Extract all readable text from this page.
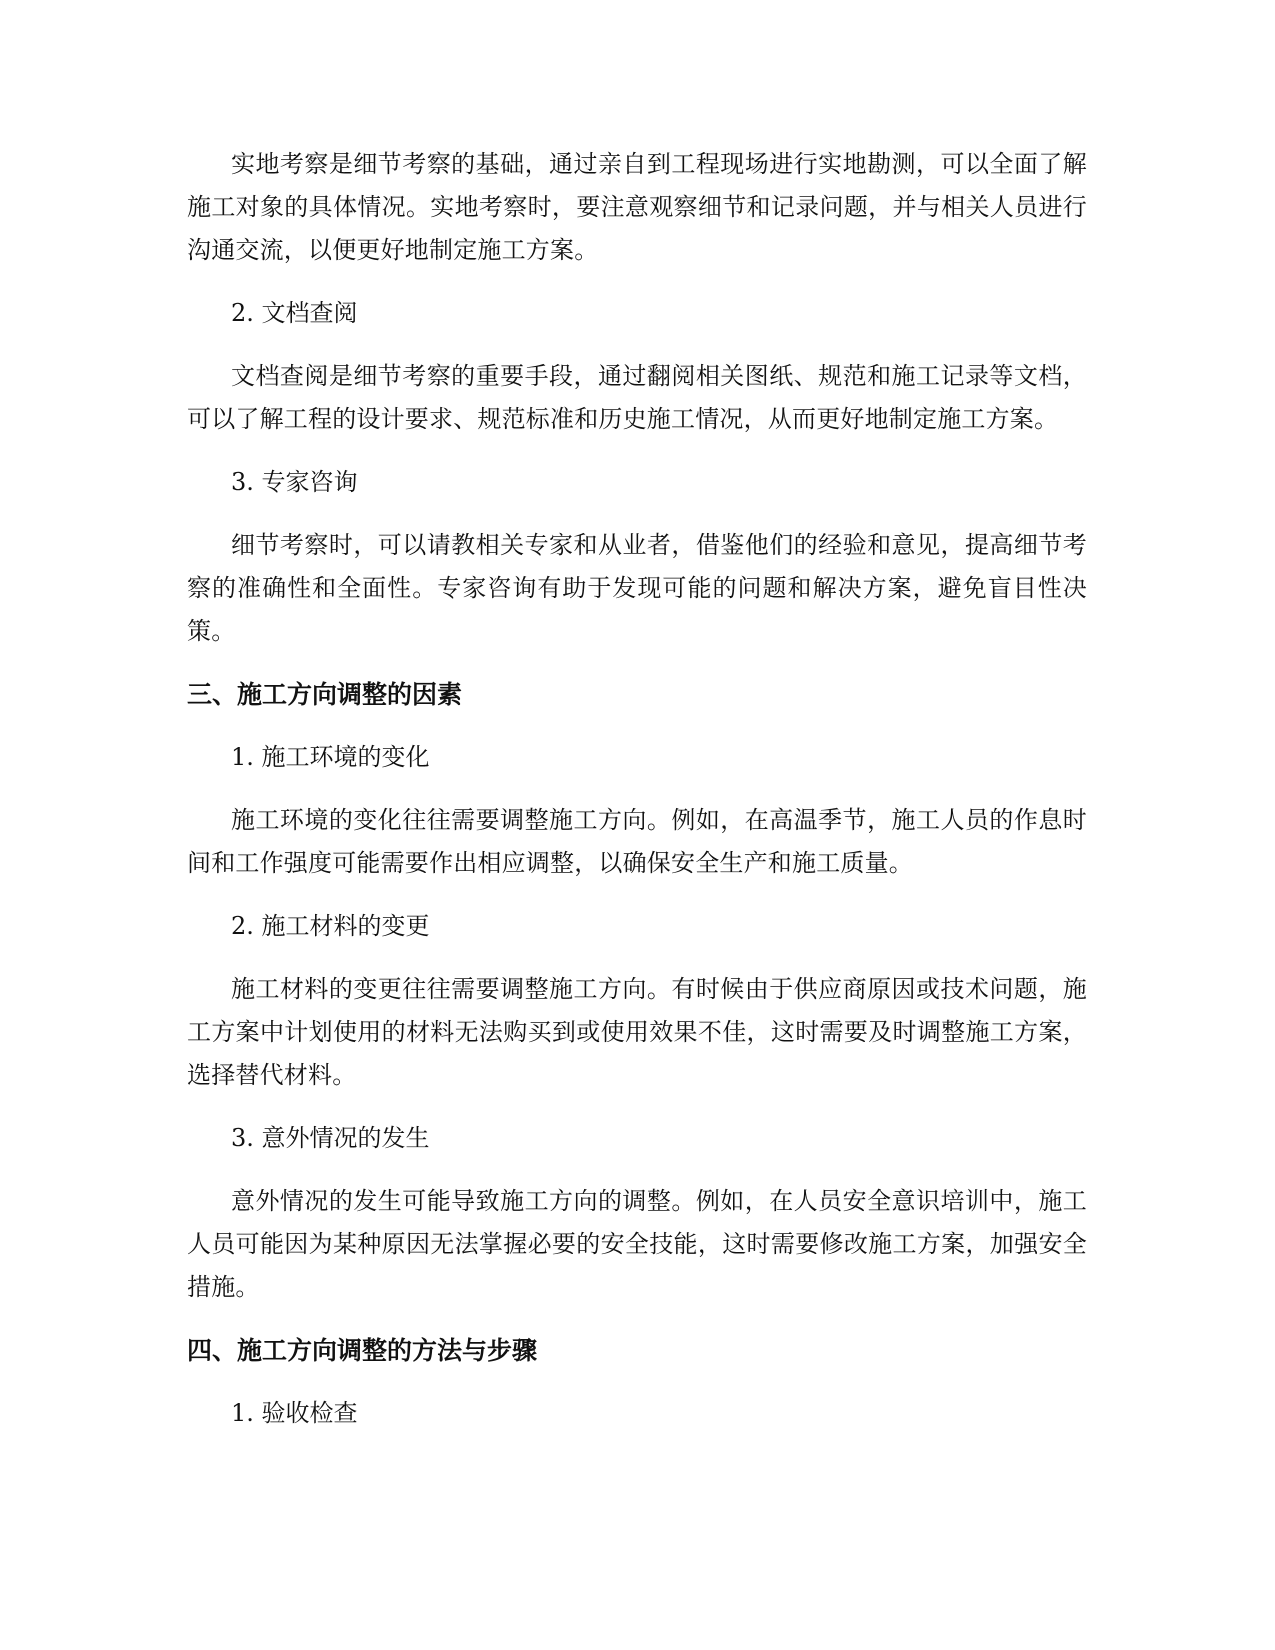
实地考察是细节考察的基础，通过亲自到工程现场进行实地勘测，可以全面了解施工对象的具体情况。实地考察时，要注意观察细节和记录问题，并与相关人员进行沟通交流，以便更好地制定施工方案。

2. 文档查阅

文档查阅是细节考察的重要手段，通过翻阅相关图纸、规范和施工记录等文档，可以了解工程的设计要求、规范标准和历史施工情况，从而更好地制定施工方案。

3. 专家咨询

细节考察时，可以请教相关专家和从业者，借鉴他们的经验和意见，提高细节考察的准确性和全面性。专家咨询有助于发现可能的问题和解决方案，避免盲目性决策。

三、施工方向调整的因素

1. 施工环境的变化

施工环境的变化往往需要调整施工方向。例如，在高温季节，施工人员的作息时间和工作强度可能需要作出相应调整，以确保安全生产和施工质量。

2. 施工材料的变更

施工材料的变更往往需要调整施工方向。有时候由于供应商原因或技术问题，施工方案中计划使用的材料无法购买到或使用效果不佳，这时需要及时调整施工方案，选择替代材料。

3. 意外情况的发生

意外情况的发生可能导致施工方向的调整。例如，在人员安全意识培训中，施工人员可能因为某种原因无法掌握必要的安全技能，这时需要修改施工方案，加强安全措施。

四、施工方向调整的方法与步骤

1. 验收检查
